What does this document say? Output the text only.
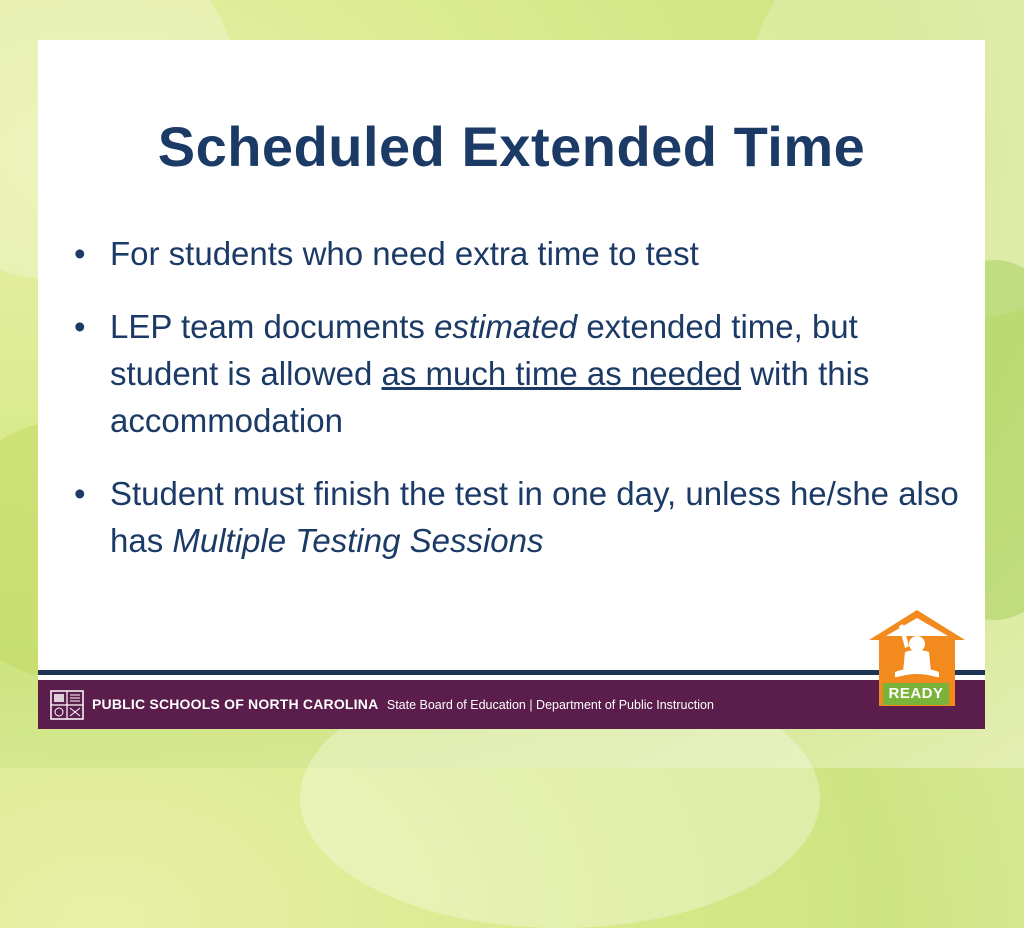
Scheduled Extended Time
• For students who need extra time to test
• LEP team documents estimated extended time, but student is allowed as much time as needed with this accommodation
• Student must finish the test in one day, unless he/she also has Multiple Testing Sessions
PUBLIC SCHOOLS OF NORTH CAROLINA State Board of Education | Department of Public Instruction
READY
